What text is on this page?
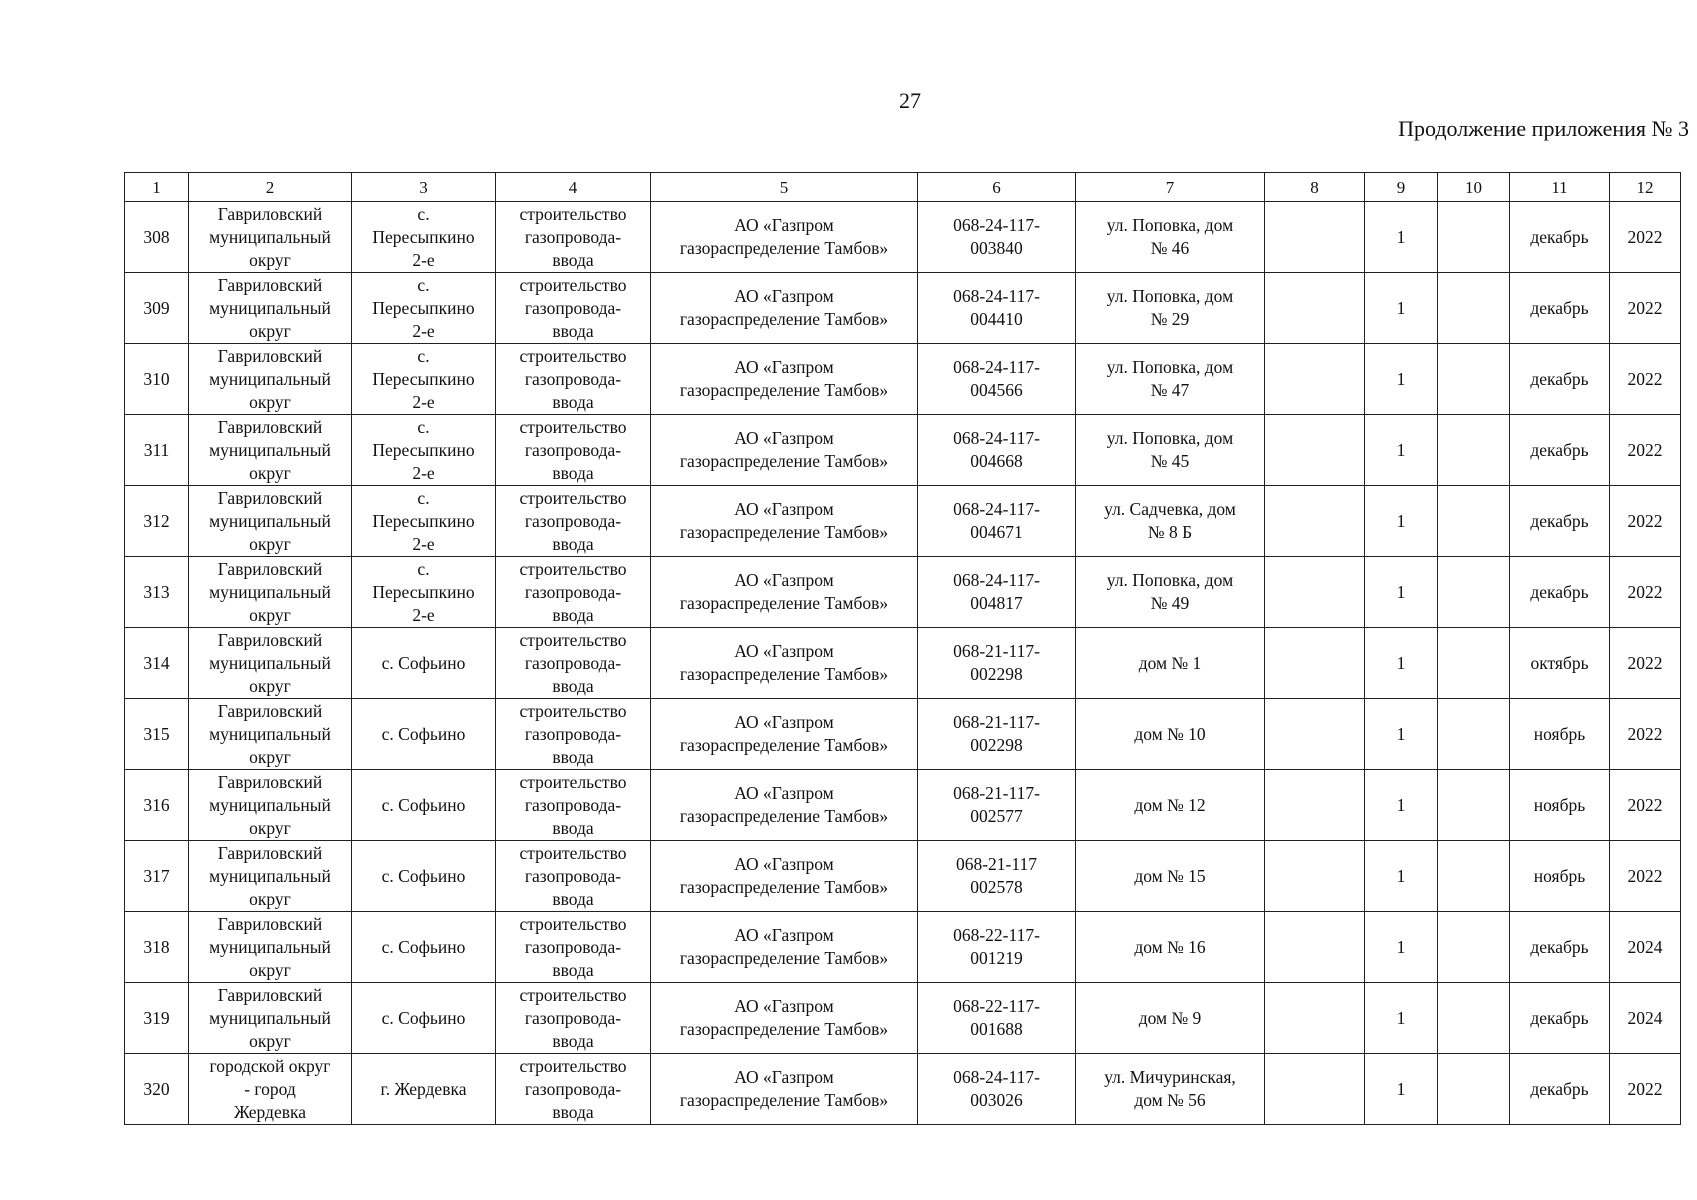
27
Продолжение приложения № 3
1	2	3	4	5	6	7	8	9	10	11	12
308	Гавриловский
муниципальный
округ	с.
Пересыпкино
2-е	строительство
газопровода-
ввода	АО «Газпром
газораспределение Тамбов»	068-24-117-
003840	ул. Поповка, дом
№ 46		1		декабрь	2022
309	Гавриловский
муниципальный
округ	с.
Пересыпкино
2-е	строительство
газопровода-
ввода	АО «Газпром
газораспределение Тамбов»	068-24-117-
004410	ул. Поповка, дом
№ 29		1		декабрь	2022
310	Гавриловский
муниципальный
округ	с.
Пересыпкино
2-е	строительство
газопровода-
ввода	АО «Газпром
газораспределение Тамбов»	068-24-117-
004566	ул. Поповка, дом
№ 47		1		декабрь	2022
311	Гавриловский
муниципальный
округ	с.
Пересыпкино
2-е	строительство
газопровода-
ввода	АО «Газпром
газораспределение Тамбов»	068-24-117-
004668	ул. Поповка, дом
№ 45		1		декабрь	2022
312	Гавриловский
муниципальный
округ	с.
Пересыпкино
2-е	строительство
газопровода-
ввода	АО «Газпром
газораспределение Тамбов»	068-24-117-
004671	ул. Садчевка, дом
№ 8 Б		1		декабрь	2022
313	Гавриловский
муниципальный
округ	с.
Пересыпкино
2-е	строительство
газопровода-
ввода	АО «Газпром
газораспределение Тамбов»	068-24-117-
004817	ул. Поповка, дом
№ 49		1		декабрь	2022
314	Гавриловский
муниципальный
округ	с. Софьино	строительство
газопровода-
ввода	АО «Газпром
газораспределение Тамбов»	068-21-117-
002298	дом № 1		1		октябрь	2022
315	Гавриловский
муниципальный
округ	с. Софьино	строительство
газопровода-
ввода	АО «Газпром
газораспределение Тамбов»	068-21-117-
002298	дом № 10		1		ноябрь	2022
316	Гавриловский
муниципальный
округ	с. Софьино	строительство
газопровода-
ввода	АО «Газпром
газораспределение Тамбов»	068-21-117-
002577	дом № 12		1		ноябрь	2022
317	Гавриловский
муниципальный
округ	с. Софьино	строительство
газопровода-
ввода	АО «Газпром
газораспределение Тамбов»	068-21-117
002578	дом № 15		1		ноябрь	2022
318	Гавриловский
муниципальный
округ	с. Софьино	строительство
газопровода-
ввода	АО «Газпром
газораспределение Тамбов»	068-22-117-
001219	дом № 16		1		декабрь	2024
319	Гавриловский
муниципальный
округ	с. Софьино	строительство
газопровода-
ввода	АО «Газпром
газораспределение Тамбов»	068-22-117-
001688	дом № 9		1		декабрь	2024
320	городской округ
- город
Жердевка	г. Жердевка	строительство
газопровода-
ввода	АО «Газпром
газораспределение Тамбов»	068-24-117-
003026	ул. Мичуринская,
дом № 56		1		декабрь	2022
